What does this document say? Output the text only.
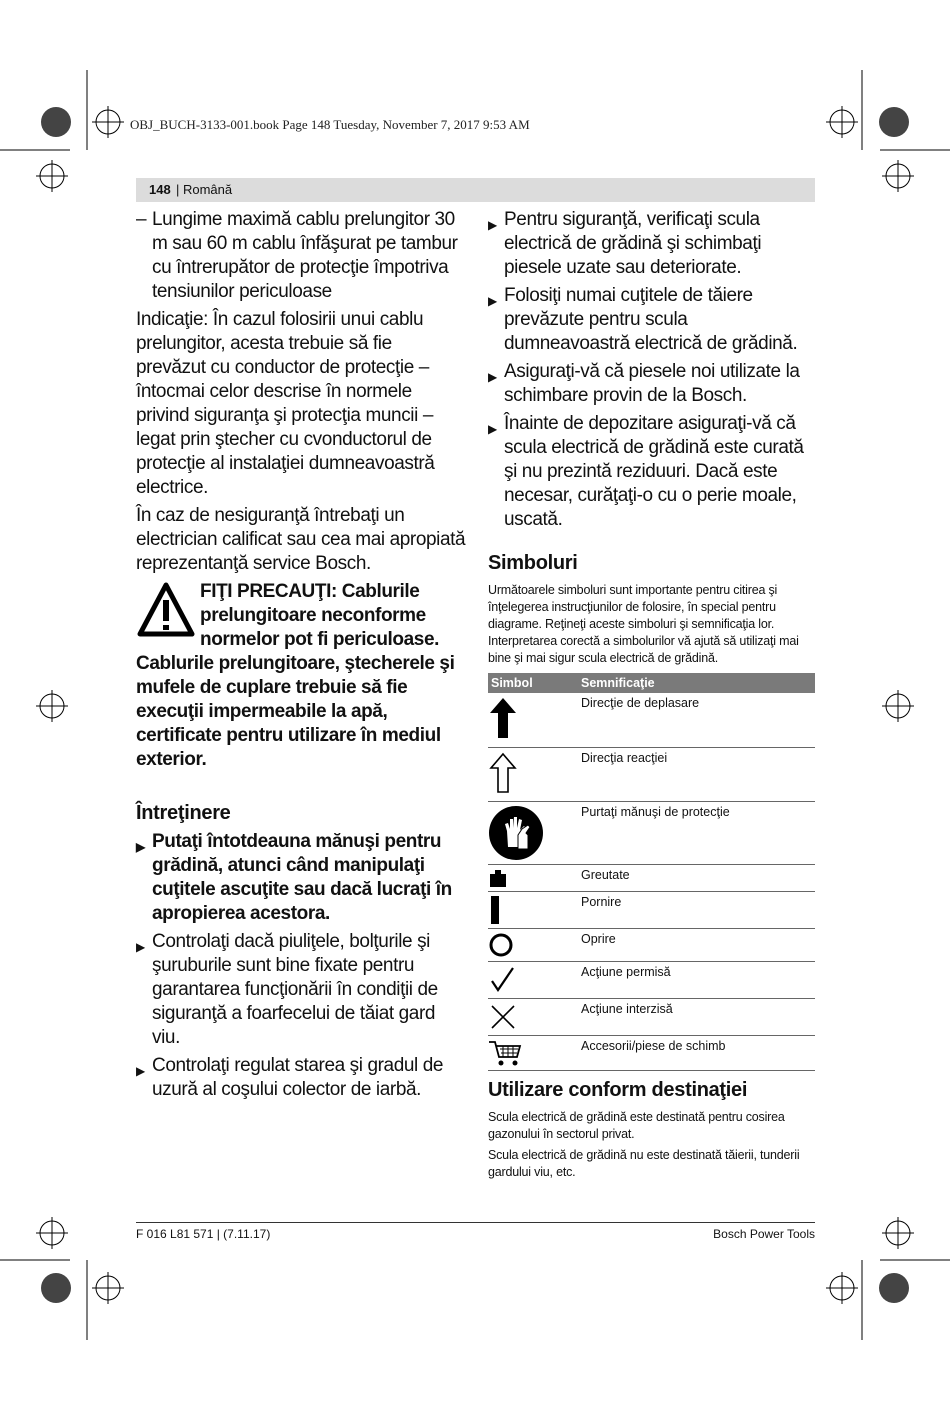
OBJ_BUCH-3133-001.book Page 148 Tuesday, November 7, 2017 9:53 AM
148 | Română
– Lungime maximă cablu prelungitor 30 m sau 60 m cablu înfăşurat pe tambur cu întrerupător de protecţie împotriva tensiunilor periculoase

Indicaţie: În cazul folosirii unui cablu prelungitor, acesta trebuie să fie prevăzut cu conductor de protecţie – întocmai celor descrise în normele privind siguranţa şi protecţia muncii – legat prin ştecher cu cvonductorul de protecţie al instalaţiei dumneavoastră electrice.

În caz de nesiguranţă întrebaţi un electrician calificat sau cea mai apropiată reprezentanţă service Bosch.

FIŢI PRECAUŢI: Cablurile prelungitoare neconforme normelor pot fi periculoase.
Cablurile prelungitoare, ştecherele şi mufele de cuplare trebuie să fie execuţii impermeabile la apă, certificate pentru utilizare în mediul exterior.
Întreţinere
▶ Putaţi întotdeauna mănuşi pentru grădină, atunci când manipulaţi cuţitele ascuţite sau dacă lucraţi în apropierea acestora.
▶ Controlaţi dacă piuliţele, bolţurile şi şuruburile sunt bine fixate pentru garantarea funcţionării în condiţii de siguranţă a foarfecelui de tăiat gard viu.
▶ Controlaţi regulat starea şi gradul de uzură al coşului colector de iarbă.
▶ Pentru siguranţă, verificaţi scula electrică de grădină şi schimbaţi piesele uzate sau deteriorate.
▶ Folosiţi numai cuţitele de tăiere prevăzute pentru scula dumneavoastră electrică de grădină.
▶ Asiguraţi-vă că piesele noi utilizate la schimbare provin de la Bosch.
▶ Înainte de depozitare asiguraţi-vă că scula electrică de grădină este curată şi nu prezintă reziduuri. Dacă este necesar, curăţaţi-o cu o perie moale, uscată.
Simboluri

Următoarele simboluri sunt importante pentru citirea şi înţelegerea instrucţiunilor de folosire, în special pentru diagrame. Reţineţi aceste simboluri şi semnificaţia lor. Interpretarea corectă a simbolurilor vă ajută să utilizaţi mai bine şi mai sigur scula electrică de grădină.

Simbol	Semnificaţie
	Direcţie de deplasare
	Direcţia reacţiei
	Purtaţi mănuşi de protecţie
	Greutate
	Pornire
	Oprire
	Acţiune permisă
	Acţiune interzisă
	Accesorii/piese de schimb
Utilizare conform destinaţiei

Scula electrică de grădină este destinată pentru cosirea gazonului în sectorul privat.

Scula electrică de grădină nu este destinată tăierii, tunderii gardului viu, etc.

F 016 L81 571 | (7.11.17)	Bosch Power Tools
